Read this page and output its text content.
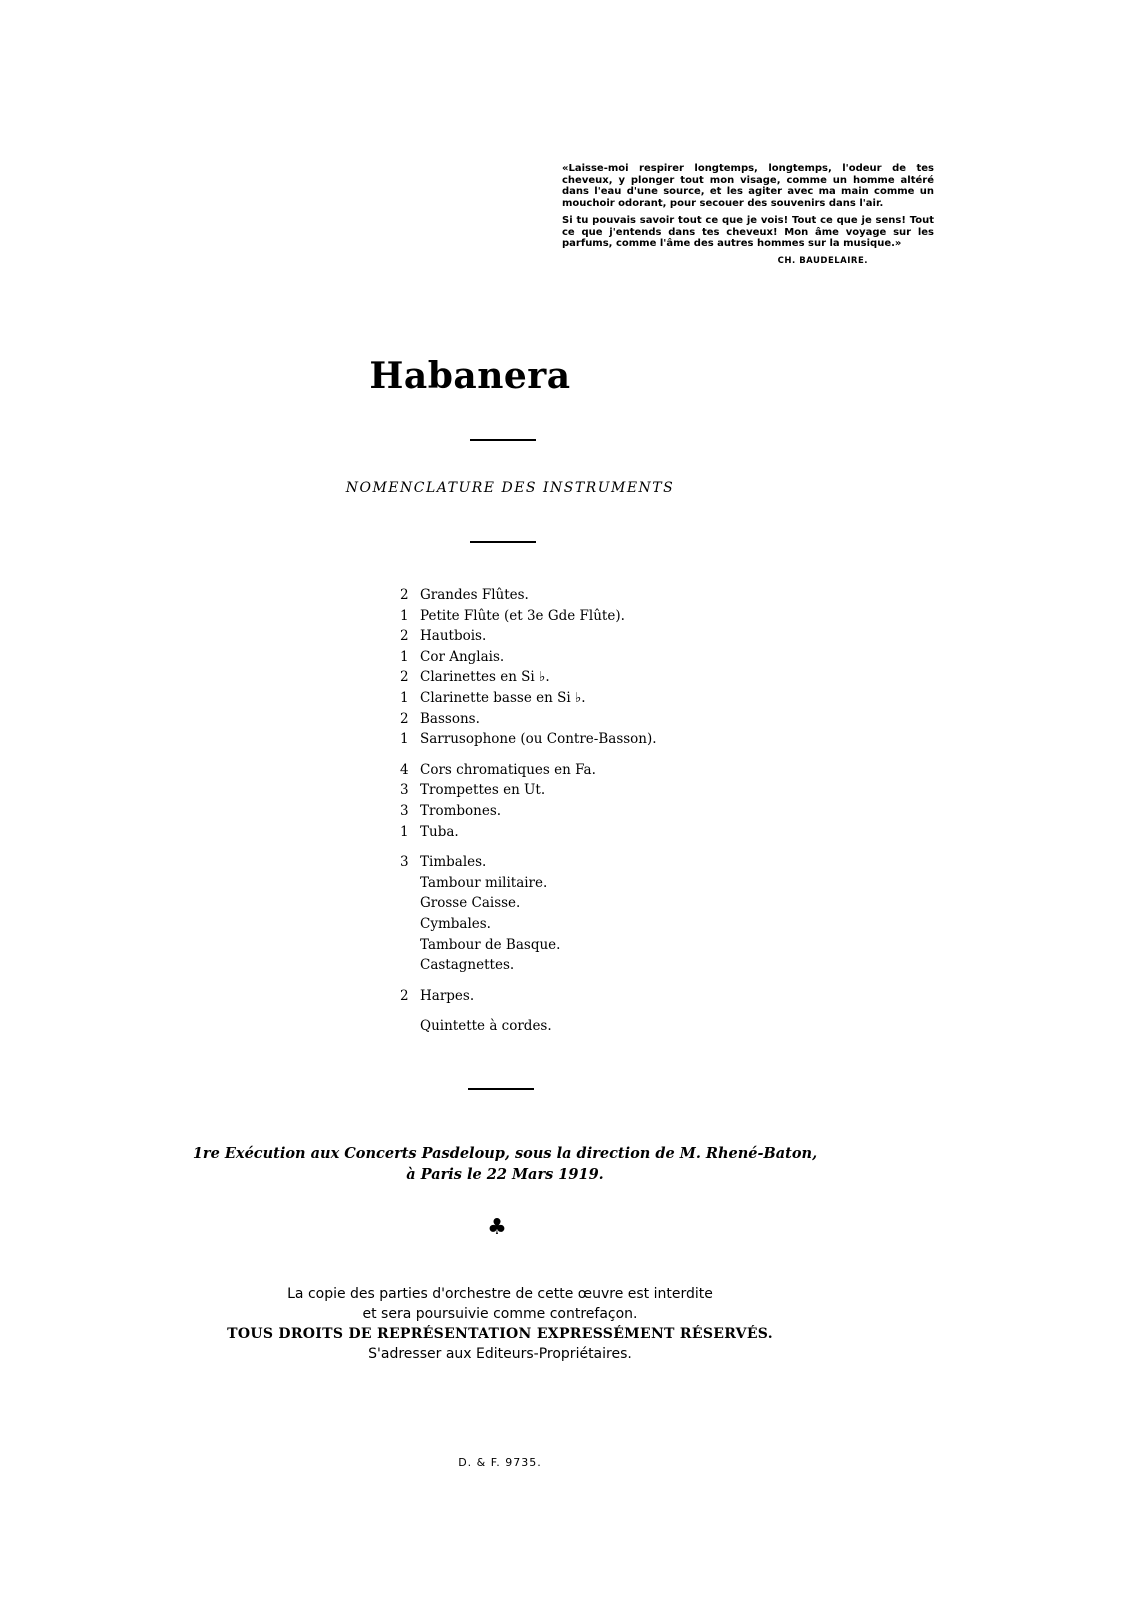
«Laisse-moi respirer longtemps, longtemps, l'odeur de tes cheveux, y plonger tout mon visage, comme un homme altéré dans l'eau d'une source, et les agiter avec ma main comme un mouchoir odorant, pour secouer des souvenirs dans l'air.

Si tu pouvais savoir tout ce que je vois! Tout ce que je sens! Tout ce que j'entends dans tes cheveux! Mon âme voyage sur les parfums, comme l'âme des autres hommes sur la musique.»

CH. BAUDELAIRE.
Habanera
NOMENCLATURE DES INSTRUMENTS
2 Grandes Flûtes.
1 Petite Flûte (et 3e Gde Flûte).
2 Hautbois.
1 Cor Anglais.
2 Clarinettes en Si ♭.
1 Clarinette basse en Si ♭.
2 Bassons.
1 Sarrusophone (ou Contre-Basson).
4 Cors chromatiques en Fa.
3 Trompettes en Ut.
3 Trombones.
1 Tuba.
3 Timbales.
Tambour militaire.
Grosse Caisse.
Cymbales.
Tambour de Basque.
Castagnettes.
2 Harpes.
Quintette à cordes.
1re Exécution aux Concerts Pasdeloup, sous la direction de M. Rhené-Baton,
à Paris le 22 Mars 1919.
♣
La copie des parties d'orchestre de cette œuvre est interdite
et sera poursuivie comme contrefaçon.
TOUS DROITS DE REPRÉSENTATION EXPRESSÉMENT RÉSERVÉS.
S'adresser aux Editeurs-Propriétaires.
D. & F. 9735.
